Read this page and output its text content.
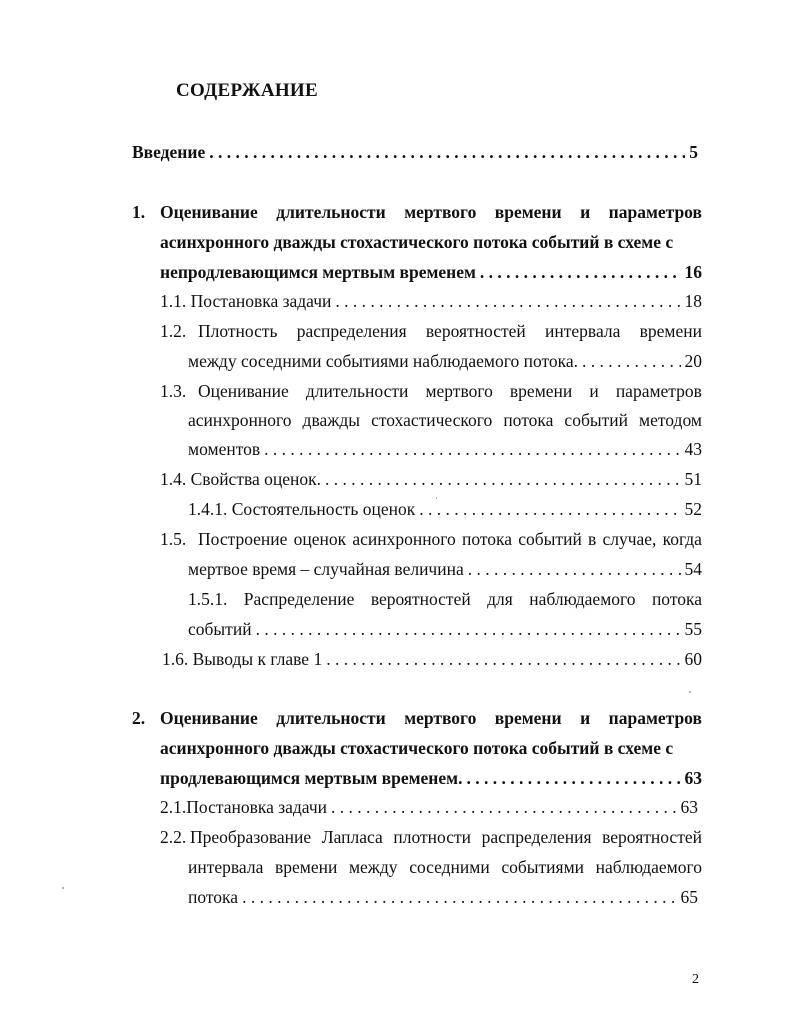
СОДЕРЖАНИЕ
Введение . . .	5
1. Оценивание длительности мертвого времени и параметров
асинхронного дважды стохастического потока событий в схеме с
непродлевающимся мертвым временем . . .	16
1.1. Постановка задачи . . .	18
1.2. Плотность распределения вероятностей интервала времени
между соседними событиями наблюдаемого потока. . . .	20
1.3. Оценивание длительности мертвого времени и параметров
асинхронного дважды стохастического потока событий методом
моментов . . .	43
1.4. Свойства оценок. . . .	51
1.4.1. Состоятельность оценок . . .	52
1.5. Построение оценок асинхронного потока событий в случае, когда
мертвое время – случайная величина . . .	54
1.5.1. Распределение вероятностей для наблюдаемого потока
событий . . .	55
1.6. Выводы к главе 1 . . .	60
2. Оценивание длительности мертвого времени и параметров
асинхронного дважды стохастического потока событий в схеме с
продлевающимся мертвым временем. . . .	63
2.1.Постановка задачи . . .	63
2.2. Преобразование Лапласа плотности распределения вероятностей
интервала времени между соседними событиями наблюдаемого
потока . . .	65
2
